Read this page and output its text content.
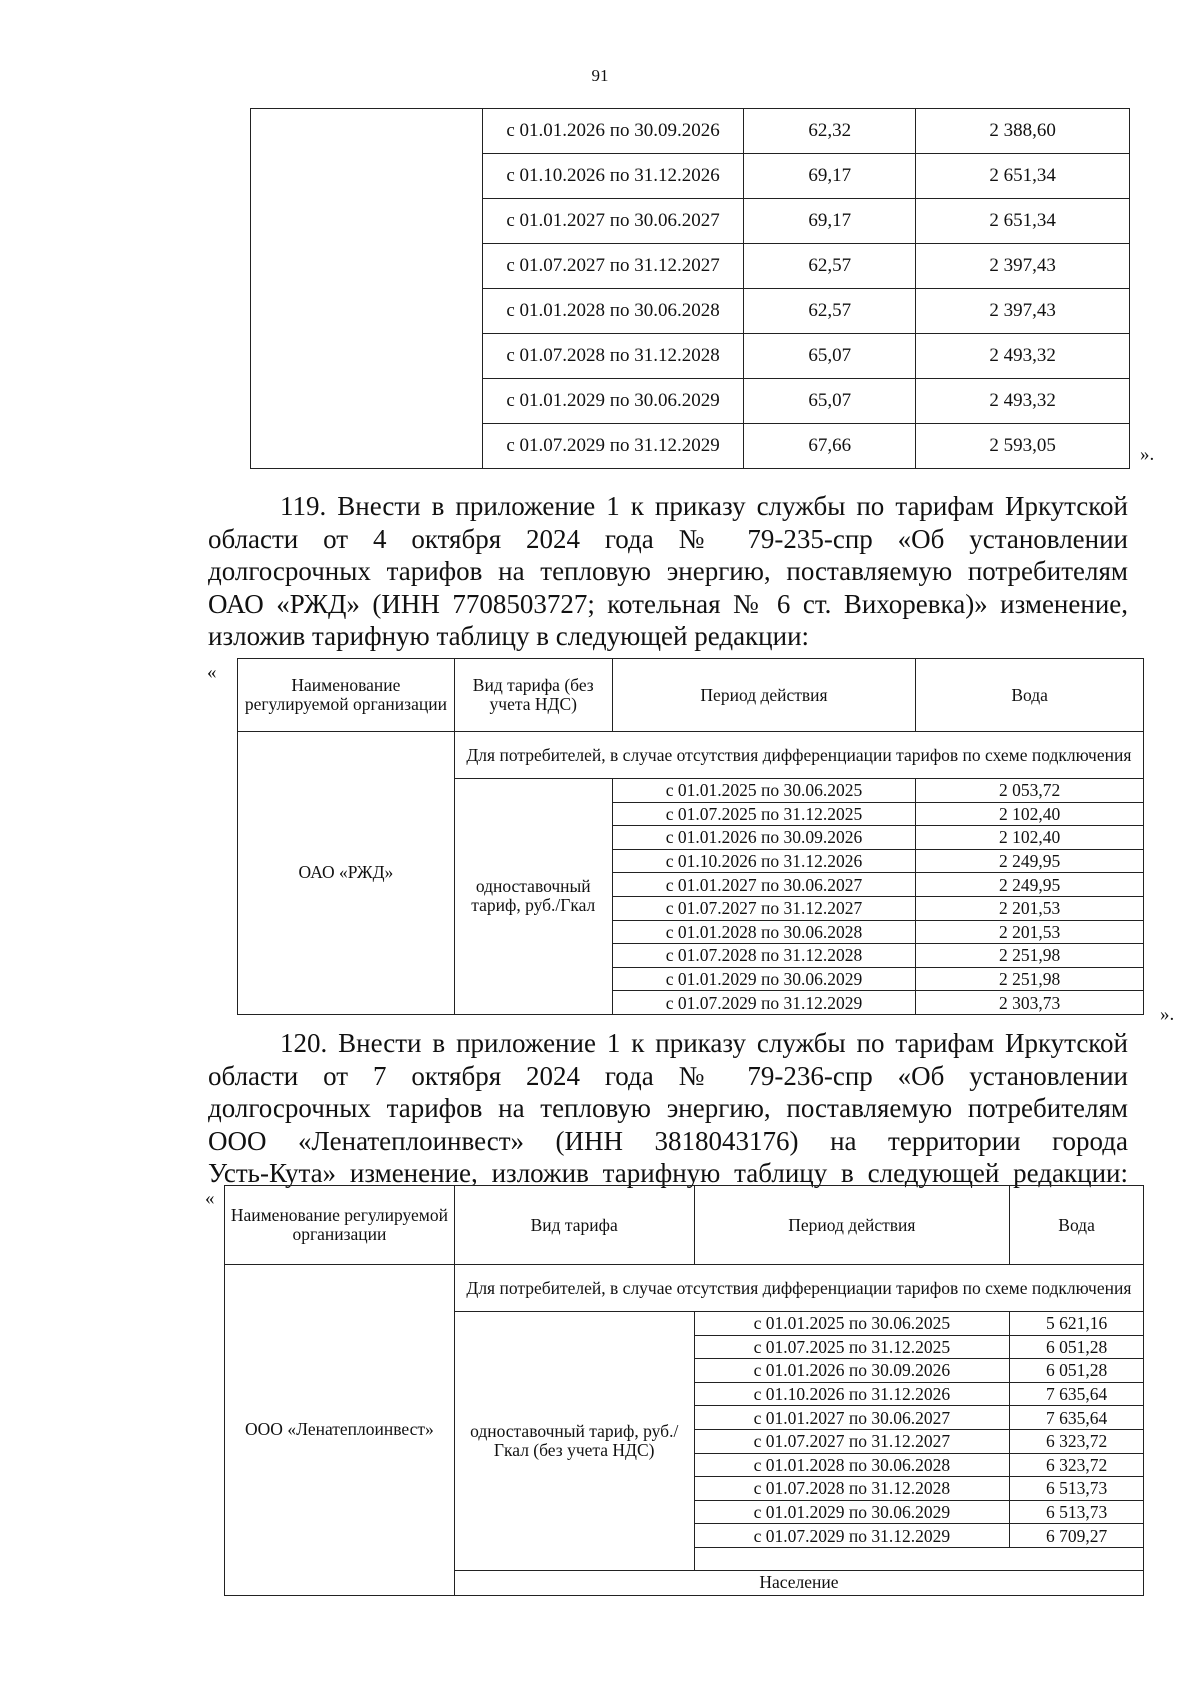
91
	с 01.01.2026 по 30.09.2026	62,32	2 388,60
	с 01.10.2026 по 31.12.2026	69,17	2 651,34
	с 01.01.2027 по 30.06.2027	69,17	2 651,34
	с 01.07.2027 по 31.12.2027	62,57	2 397,43
	с 01.01.2028 по 30.06.2028	62,57	2 397,43
	с 01.07.2028 по 31.12.2028	65,07	2 493,32
	с 01.01.2029 по 30.06.2029	65,07	2 493,32
	с 01.07.2029 по 31.12.2029	67,66	2 593,05	».
119. Внести в приложение 1 к приказу службы по тарифам Иркутской
области от 4 октября 2024 года № 79-235-спр «Об установлении
долгосрочных тарифов на тепловую энергию, поставляемую потребителям
ОАО «РЖД» (ИНН 7708503727; котельная № 6 ст. Вихоревка)» изменение,
изложив тарифную таблицу в следующей редакции:
«
Наименование регулируемой организации	Вид тарифа (без учета НДС)	Период действия	Вода
ОАО «РЖД»	Для потребителей, в случае отсутствия дифференциации тарифов по схеме подключения		
	одноставочный тариф, руб./Гкал	с 01.01.2025 по 30.06.2025	2 053,72
		с 01.07.2025 по 31.12.2025	2 102,40
		с 01.01.2026 по 30.09.2026	2 102,40
		с 01.10.2026 по 31.12.2026	2 249,95
		с 01.01.2027 по 30.06.2027	2 249,95
		с 01.07.2027 по 31.12.2027	2 201,53
		с 01.01.2028 по 30.06.2028	2 201,53
		с 01.07.2028 по 31.12.2028	2 251,98
		с 01.01.2029 по 30.06.2029	2 251,98
		с 01.07.2029 по 31.12.2029	2 303,73
».
120. Внести в приложение 1 к приказу службы по тарифам Иркутской
области от 7 октября 2024 года № 79-236-спр «Об установлении
долгосрочных тарифов на тепловую энергию, поставляемую потребителям
ООО «Ленатеплоинвест» (ИНН 3818043176) на территории города
Усть-Кута» изменение, изложив тарифную таблицу в следующей редакции:
«
Наименование регулируемой организации	Вид тарифа	Период действия	Вода
ООО «Ленатеплоинвест»	Для потребителей, в случае отсутствия дифференциации тарифов по схеме подключения		
	одноставочный тариф, руб./Гкал (без учета НДС)	с 01.01.2025 по 30.06.2025	5 621,16
		с 01.07.2025 по 31.12.2025	6 051,28
		с 01.01.2026 по 30.09.2026	6 051,28
		с 01.10.2026 по 31.12.2026	7 635,64
		с 01.01.2027 по 30.06.2027	7 635,64
		с 01.07.2027 по 31.12.2027	6 323,72
		с 01.01.2028 по 30.06.2028	6 323,72
		с 01.07.2028 по 31.12.2028	6 513,73
		с 01.01.2029 по 30.06.2029	6 513,73
		с 01.07.2029 по 31.12.2029	6 709,27

	Население		
